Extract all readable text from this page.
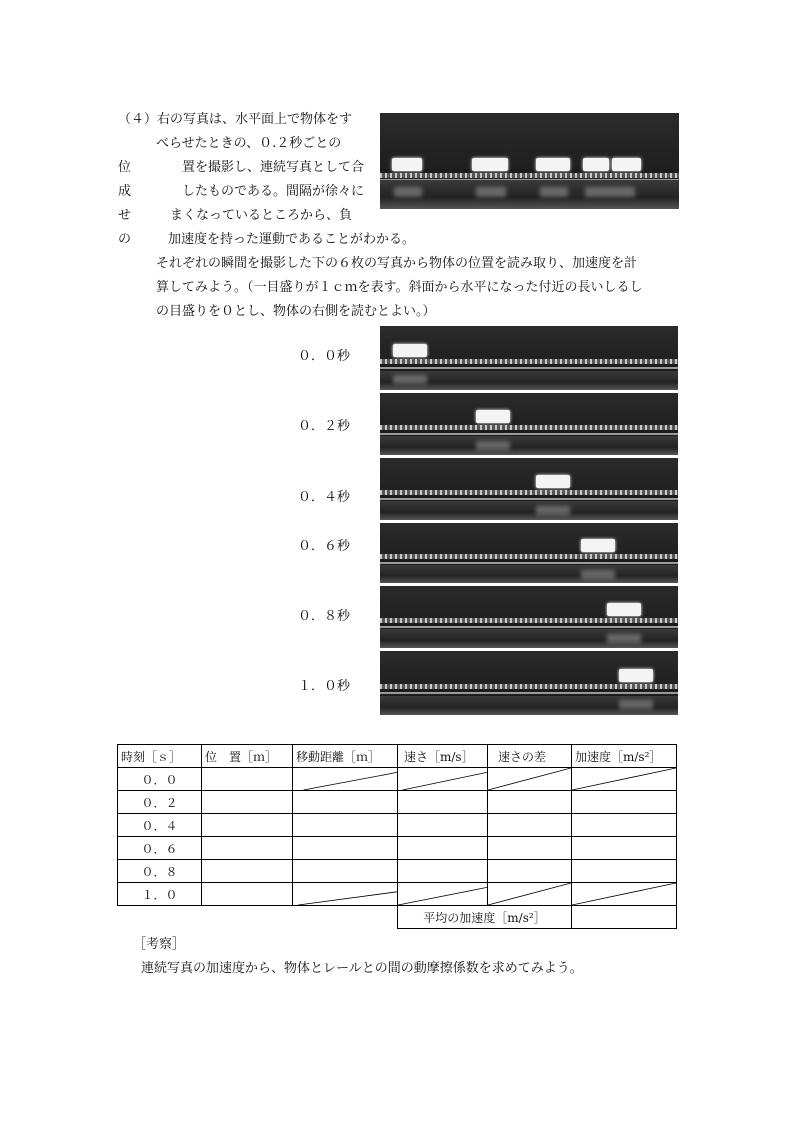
（４）右の写真は、水平面上で物体をす
べらせたときの、０.２秒ごとの
位	置を撮影し、連続写真として合
成	したものである。間隔が徐々に
せ	まくなっているところから、負
の	加速度を持った運動であることがわかる。
それぞれの瞬間を撮影した下の６枚の写真から物体の位置を読み取り、加速度を計
算してみよう。（一目盛りが１ｃｍを表す。斜面から水平になった付近の長いしるし
の目盛りを０とし、物体の右側を読むとよい。）
０．０秒
０．２秒
０．４秒
０．６秒
０．８秒
１．０秒
時刻［ｓ］	位　置［ｍ］	移動距離［ｍ］	速さ［m/s］	速さの差	加速度［m/s²］
０．０		

０．２					
０．４					
０．６					
０．８					
１．０		

			平均の加速度［m/s²］		
［考察］
連続写真の加速度から、物体とレールとの間の動摩擦係数を求めてみよう。
